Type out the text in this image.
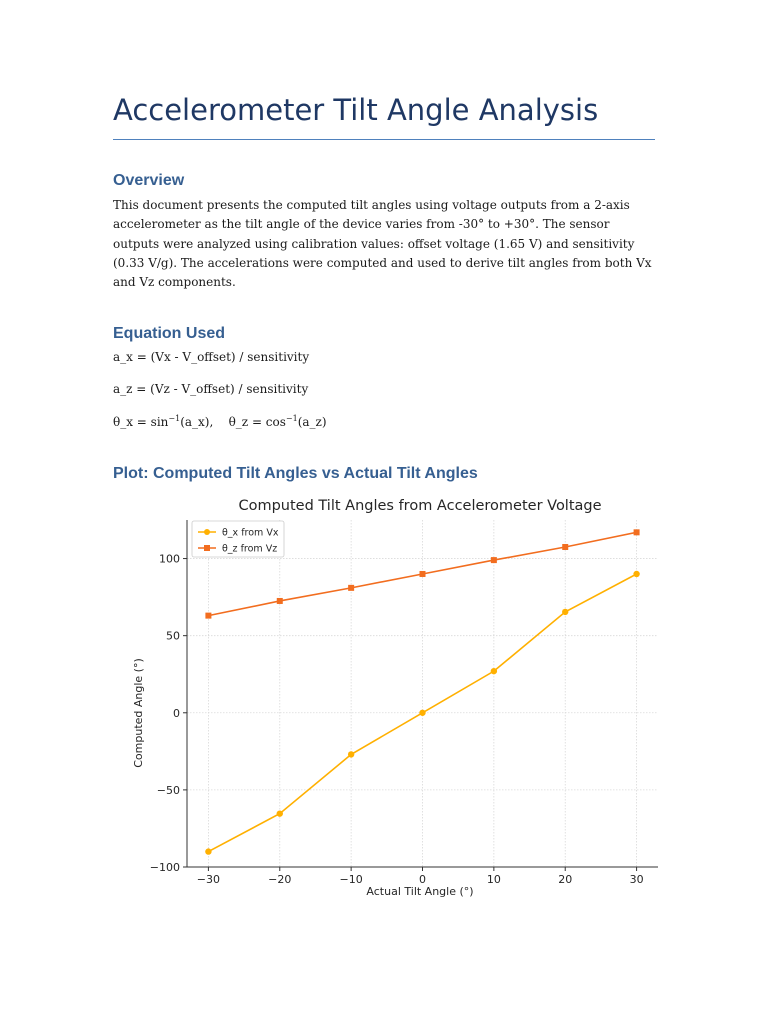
Accelerometer Tilt Angle Analysis
Overview

This document presents the computed tilt angles using voltage outputs from a 2-axis accelerometer as the tilt angle of the device varies from -30° to +30°. The sensor outputs were analyzed using calibration values: offset voltage (1.65 V) and sensitivity (0.33 V/g). The accelerations were computed and used to derive tilt angles from both Vx and Vz components.

Equation Used

a_x = (Vx - V_offset) / sensitivity

a_z = (Vz - V_offset) / sensitivity

θ_x = $\sin^{-1}(a\_x)$, θ_z = $\cos^{-1}(a\_z)$

Plot: Computed Tilt Angles vs Actual Tilt Angles
Computed Tilt Angles from Accelerometer Voltage
−30	−20	−10	0	10	20	30
−100
−50
0
50
100
Actual Tilt Angle (°)
Computed Angle (°)
θ_x from Vx
θ_z from Vz
